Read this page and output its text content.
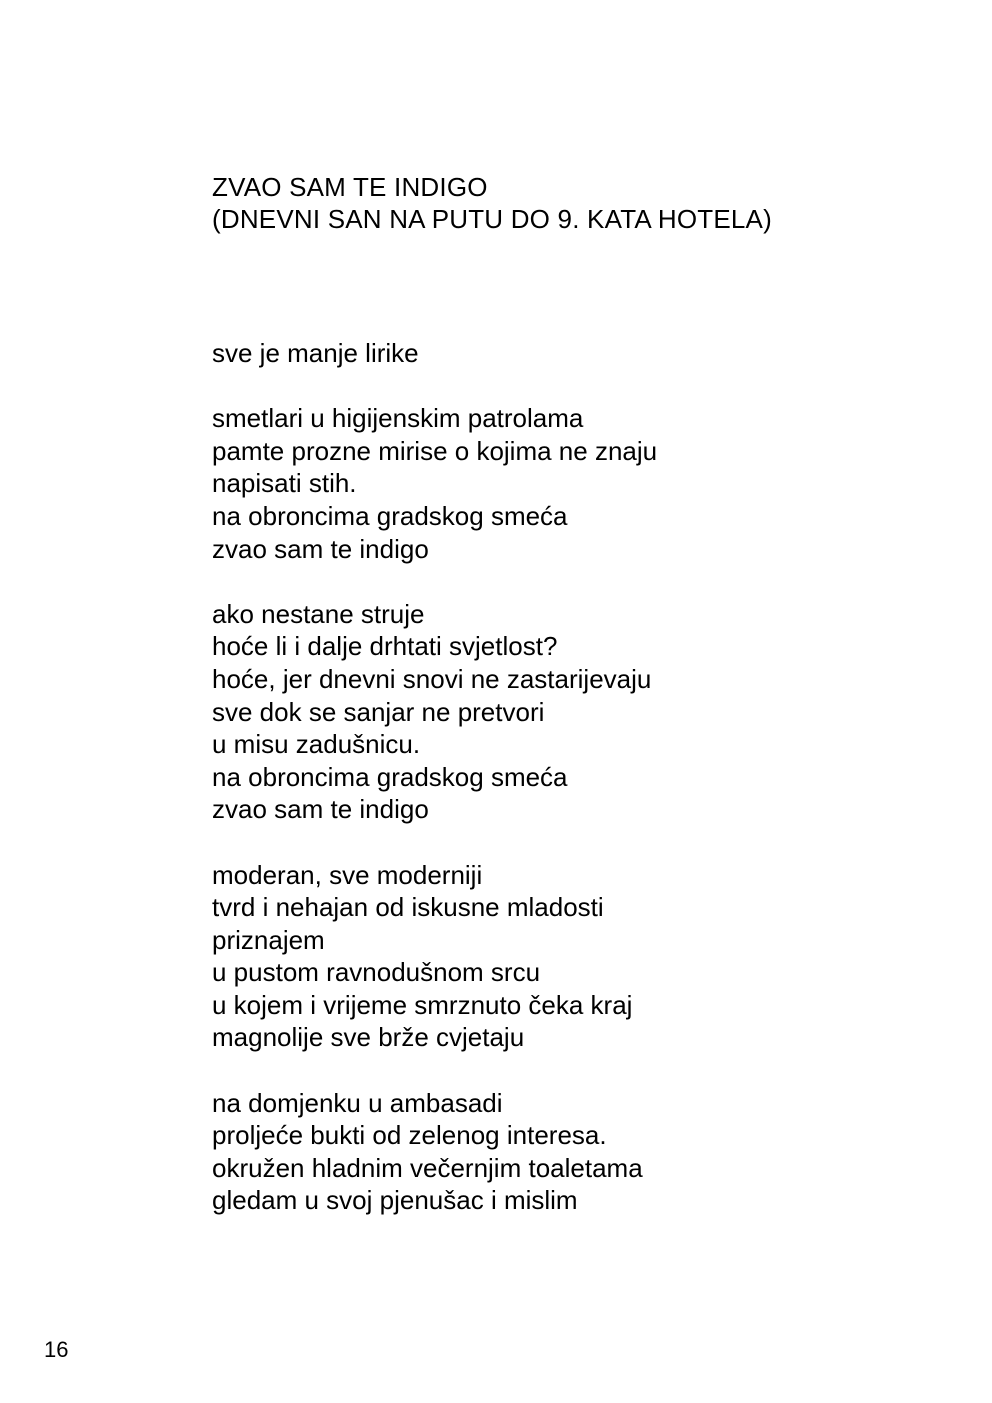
ZVAO SAM TE INDIGO
(DNEVNI SAN NA PUTU DO 9. KATA HOTELA)
sve je manje lirike
smetlari u higijenskim patrolama
pamte prozne mirise o kojima ne znaju
napisati stih.
na obroncima gradskog smeća
zvao sam te indigo
ako nestane struje
hoće li i dalje drhtati svjetlost?
hoće, jer dnevni snovi ne zastarijevaju
sve dok se sanjar ne pretvori
u misu zadušnicu.
na obroncima gradskog smeća
zvao sam te indigo
moderan, sve moderniji
tvrd i nehajan od iskusne mladosti
priznajem
u pustom ravnodušnom srcu
u kojem i vrijeme smrznuto čeka kraj
magnolije sve brže cvjetaju
na domjenku u ambasadi
proljeće bukti od zelenog interesa.
okružen hladnim večernjim toaletama
gledam u svoj pjenušac i mislim
16
